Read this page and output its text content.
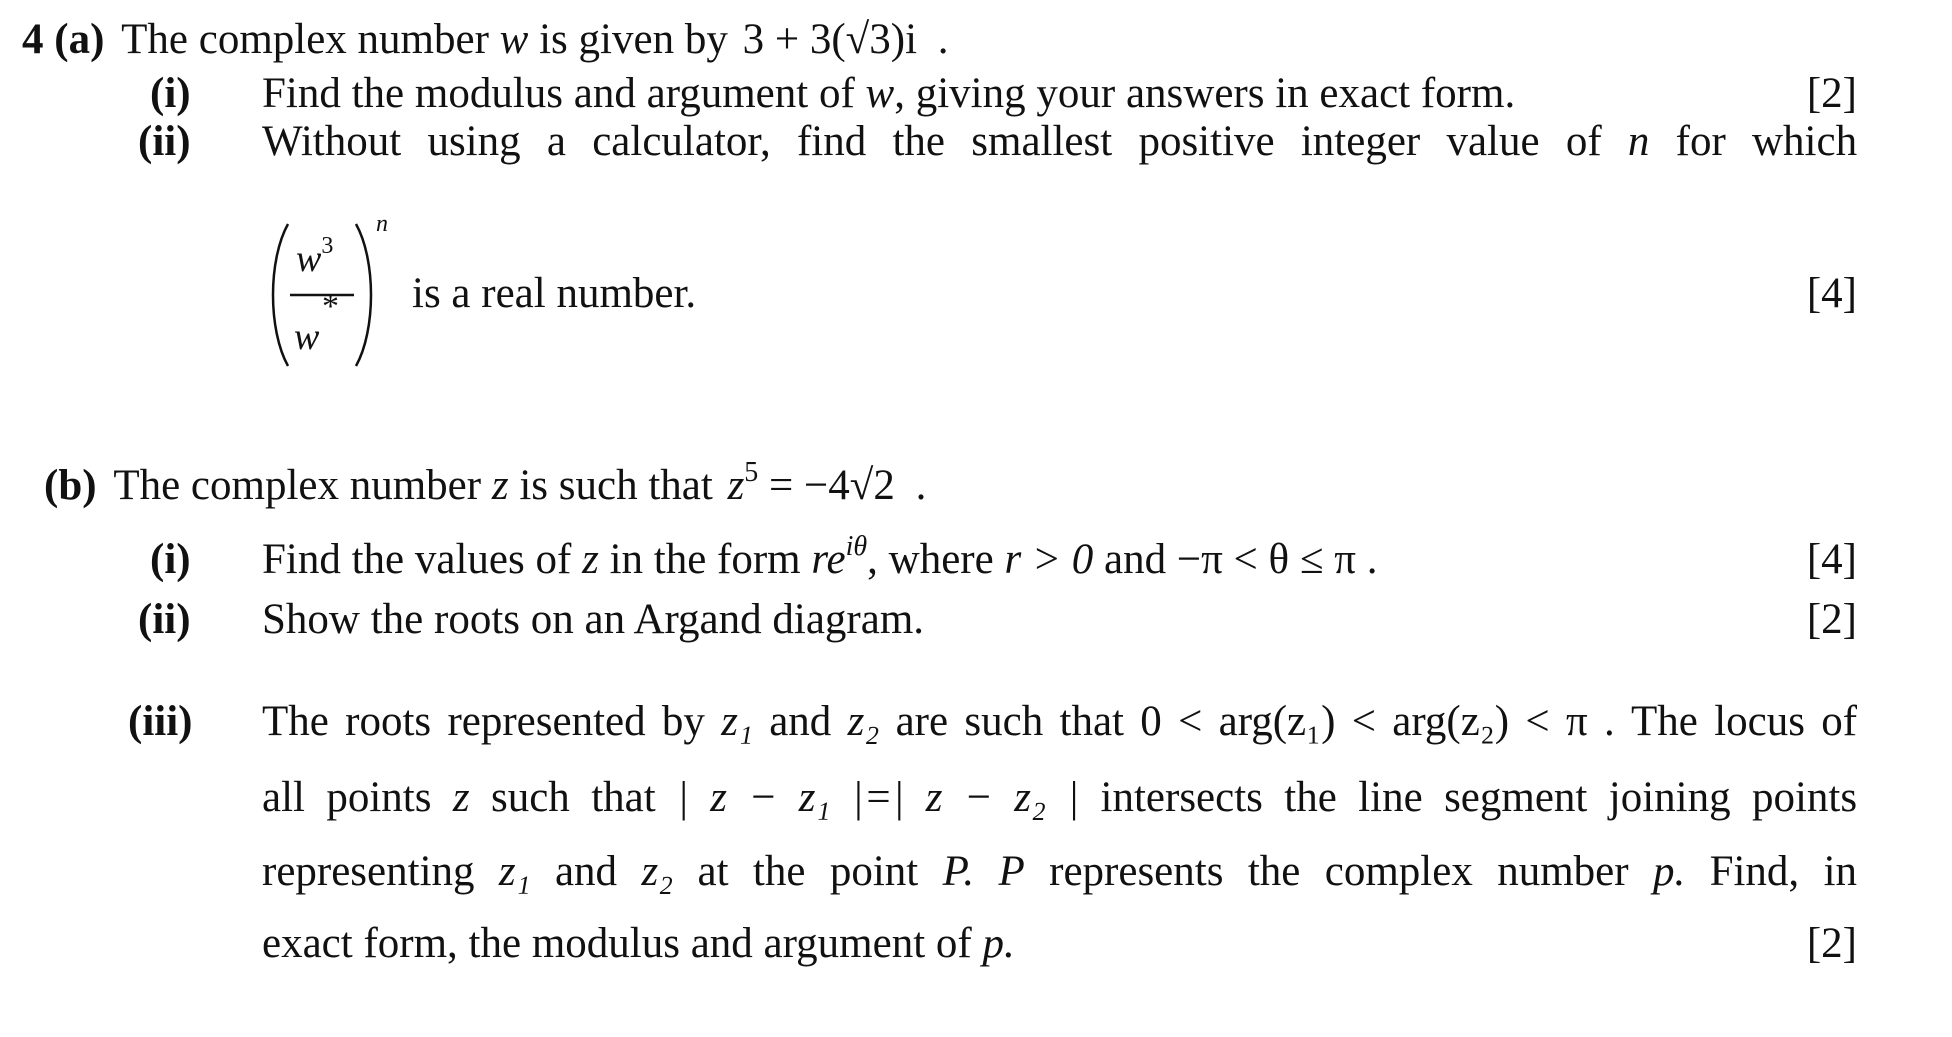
4 (a) The complex number w is given by 3 + 3(√3)i .
(i) Find the modulus and argument of w, giving your answers in exact form.	[2]
(ii) Without using a calculator, find the smallest positive integer value of n for which
$w^3$
*
w
n
is a real number.	[4]
(b) The complex number z is such that $z^5 = -4√2$ .
(i) Find the values of z in the form $re^{i\theta}$, where r > 0 and −π < θ ≤ π .	[4]
(ii) Show the roots on an Argand diagram.	[2]
(iii) The roots represented by z₁ and z₂ are such that 0 < arg(z₁) < arg(z₂) < π . The locus of
all points z such that | z − z₁ |=| z − z₂ | intersects the line segment joining points
representing z₁ and z₂ at the point P. P represents the complex number p. Find, in
exact form, the modulus and argument of p.	[2]
